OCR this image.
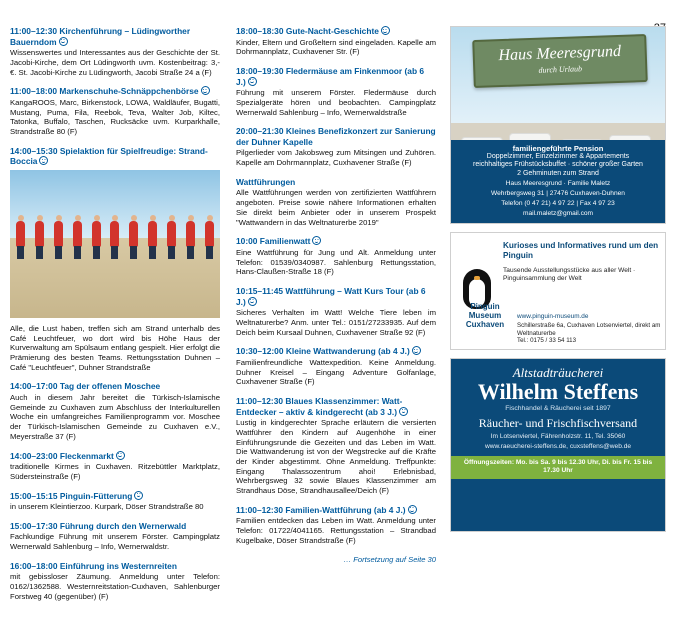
11:00–12:30 Kirchenführung – Lüdingworther Bauerndom
Wissenswertes und Interessantes aus der Geschichte der St. Jacobi-Kirche, dem Ort Lüdingworth uvm. Kostenbeitrag: 3,- €. St. Jacobi-Kirche zu Lüdingworth, Jacobi Straße 24 a (F)
11:00–18:00 Markenschuhe-Schnäppchenbörse
KangaROOS, Marc, Birkenstock, LOWA, Waldläufer, Bugatti, Mustang, Puma, Fila, Reebok, Teva, Walter Job, Kiltec, Tatonka, Buffalo, Taschen, Rucksäcke uvm. Kurparkhalle, Strandstraße 80 (F)
14:00–15:30 Spielaktion für Spielfreudige: Strand-Boccia
Alle, die Lust haben, treffen sich am Strand unterhalb des Café Leuchtfeuer, wo dort wird bis Höhe Haus der Kurverwaltung am Spülsaum entlang gespielt. Hier erfolgt die Prämierung des besten Teams. Rettungsstation Duhnen – Café "Leuchtfeuer", Duhner Strandstraße
14:00–17:00 Tag der offenen Moschee
Auch in diesem Jahr bereitet die Türkisch-Islamische Gemeinde zu Cuxhaven zum Abschluss der Interkulturellen Woche ein umfangreiches Familienprogramm vor. Moschee der Türkisch-Islamischen Gemeinde zu Cuxhaven e.V., Meyerstraße 37 (F)
14:00–23:00 Fleckenmarkt
traditionelle Kirmes in Cuxhaven. Ritzebüttler Marktplatz, Südersteinstraße (F)
15:00–15:15 Pinguin-Fütterung
in unserem Kleintierzoo. Kurpark, Döser Strandstraße 80
15:00–17:30 Führung durch den Wernerwald
Fachkundige Führung mit unserem Förster. Campingplatz Wernerwald Sahlenburg – Info, Wernerwaldstr.
16:00–18:00 Einführung ins Westernreiten
mit gebissloser Zäumung. Anmeldung unter Telefon: 0162/1362588. Westernreitstation-Cuxhaven, Sahlenburger Forstweg 40 (gegenüber) (F)
18:00–18:30 Gute-Nacht-Geschichte
Kinder, Eltern und Großeltern sind eingeladen. Kapelle am Dohrmannplatz, Cuxhavener Str. (F)
18:00–19:30 Fledermäuse am Finkenmoor (ab 6 J.)
Führung mit unserem Förster. Fledermäuse durch Spezialgeräte hören und beobachten. Campingplatz Wernerwald Sahlenburg – Info, Wernerwaldstraße
20:00–21:30 Kleines Benefizkonzert zur Sanierung der Duhner Kapelle
Pilgerlieder vom Jakobsweg zum Mitsingen und Zuhören. Kapelle am Dohrmannplatz, Cuxhavener Straße (F)
Wattführungen
Alle Wattführungen werden von zertifizierten Wattführern angeboten. Preise sowie nähere Informationen erhalten Sie direkt beim Anbieter oder in unserem Prospekt "Wattwandern in das Weltnaturerbe 2019"
10:00 Familienwatt
Eine Wattführung für Jung und Alt. Anmeldung unter Telefon: 01539/0340987. Sahlenburg Rettungsstation, Hans-Claußen-Straße 18 (F)
10:15–11:45 Wattführung – Watt Kurs Tour (ab 6 J.)
Sicheres Verhalten im Watt! Welche Tiere leben im Weltnaturerbe? Anm. unter Tel.: 0151/27233935. Auf dem Deich beim Kursaal Duhnen, Cuxhavener Straße 92 (F)
10:30–12:00 Kleine Wattwanderung (ab 4 J.)
Familienfreundliche Wattexpedition. Keine Anmeldung. Duhner Kreisel – Eingang Adventure Golfanlage, Cuxhavener Straße (F)
11:00–12:30 Blaues Klassenzimmer: Watt-Entdecker – aktiv & kindgerecht (ab 3 J.)
Lustig in kindgerechter Sprache erläutern die versierten Wattführer den Kindern auf Augenhöhe in einer Einführungsrunde die Gezeiten und das Leben im Watt. Die Wattwanderung ist von der Wegstrecke auf die Kräfte der Kinder abgestimmt. Ohne Anmeldung. Treffpunkte: Eingang Thalassozentrum ahoi! Erlebnisbad, Wehrbergsweg 32 sowie Blaues Klassenzimmer am Strandhaus Döse, Strandhausallee/Deich (F)
11:00–12:30 Familien-Wattführung (ab 4 J.)
Familien entdecken das Leben im Watt. Anmeldung unter Telefon: 01722/4041165. Rettungsstation – Strandbad Kugelbake, Döser Strandstraße (F)
… Fortsetzung auf Seite 30
Haus Meeresgrund
durch Urlaub
familiengeführte Pension
Doppelzimmer, Einzelzimmer & Appartements
reichhaltiges Frühstücksbuffet · schöner großer Garten
2 Gehminuten zum Strand
Haus Meeresgrund · Familie Maletz
Wehrbergsweg 31 | 27476 Cuxhaven-Duhnen
Telefon (0 47 21) 4 97 22 | Fax 4 97 23
mail.maletz@gmail.com
Kurioses und Informatives rund um den Pinguin
Tausende Ausstellungsstücke aus aller Welt · Pinguinsammlung der Welt
Pinguin Museum Cuxhaven
www.pinguin-museum.de
Schillerstraße 6a, Cuxhaven Lotsenviertel, direkt am Weltnaturerbe
Tel.: 0175 / 33 54 113
Altstadträucherei
Wilhelm Steffens
Fischhandel & Räucherei seit 1897
Räucher- und Frischfischversand
Im Lotsenviertel, Fährenholzstr. 11, Tel. 35060
www.raeucherei-steffens.de, cuxsteffens@web.de
Öffnungszeiten: Mo. bis Sa. 9 bis 12.30 Uhr, Di. bis Fr. 15 bis 17.30 Uhr
